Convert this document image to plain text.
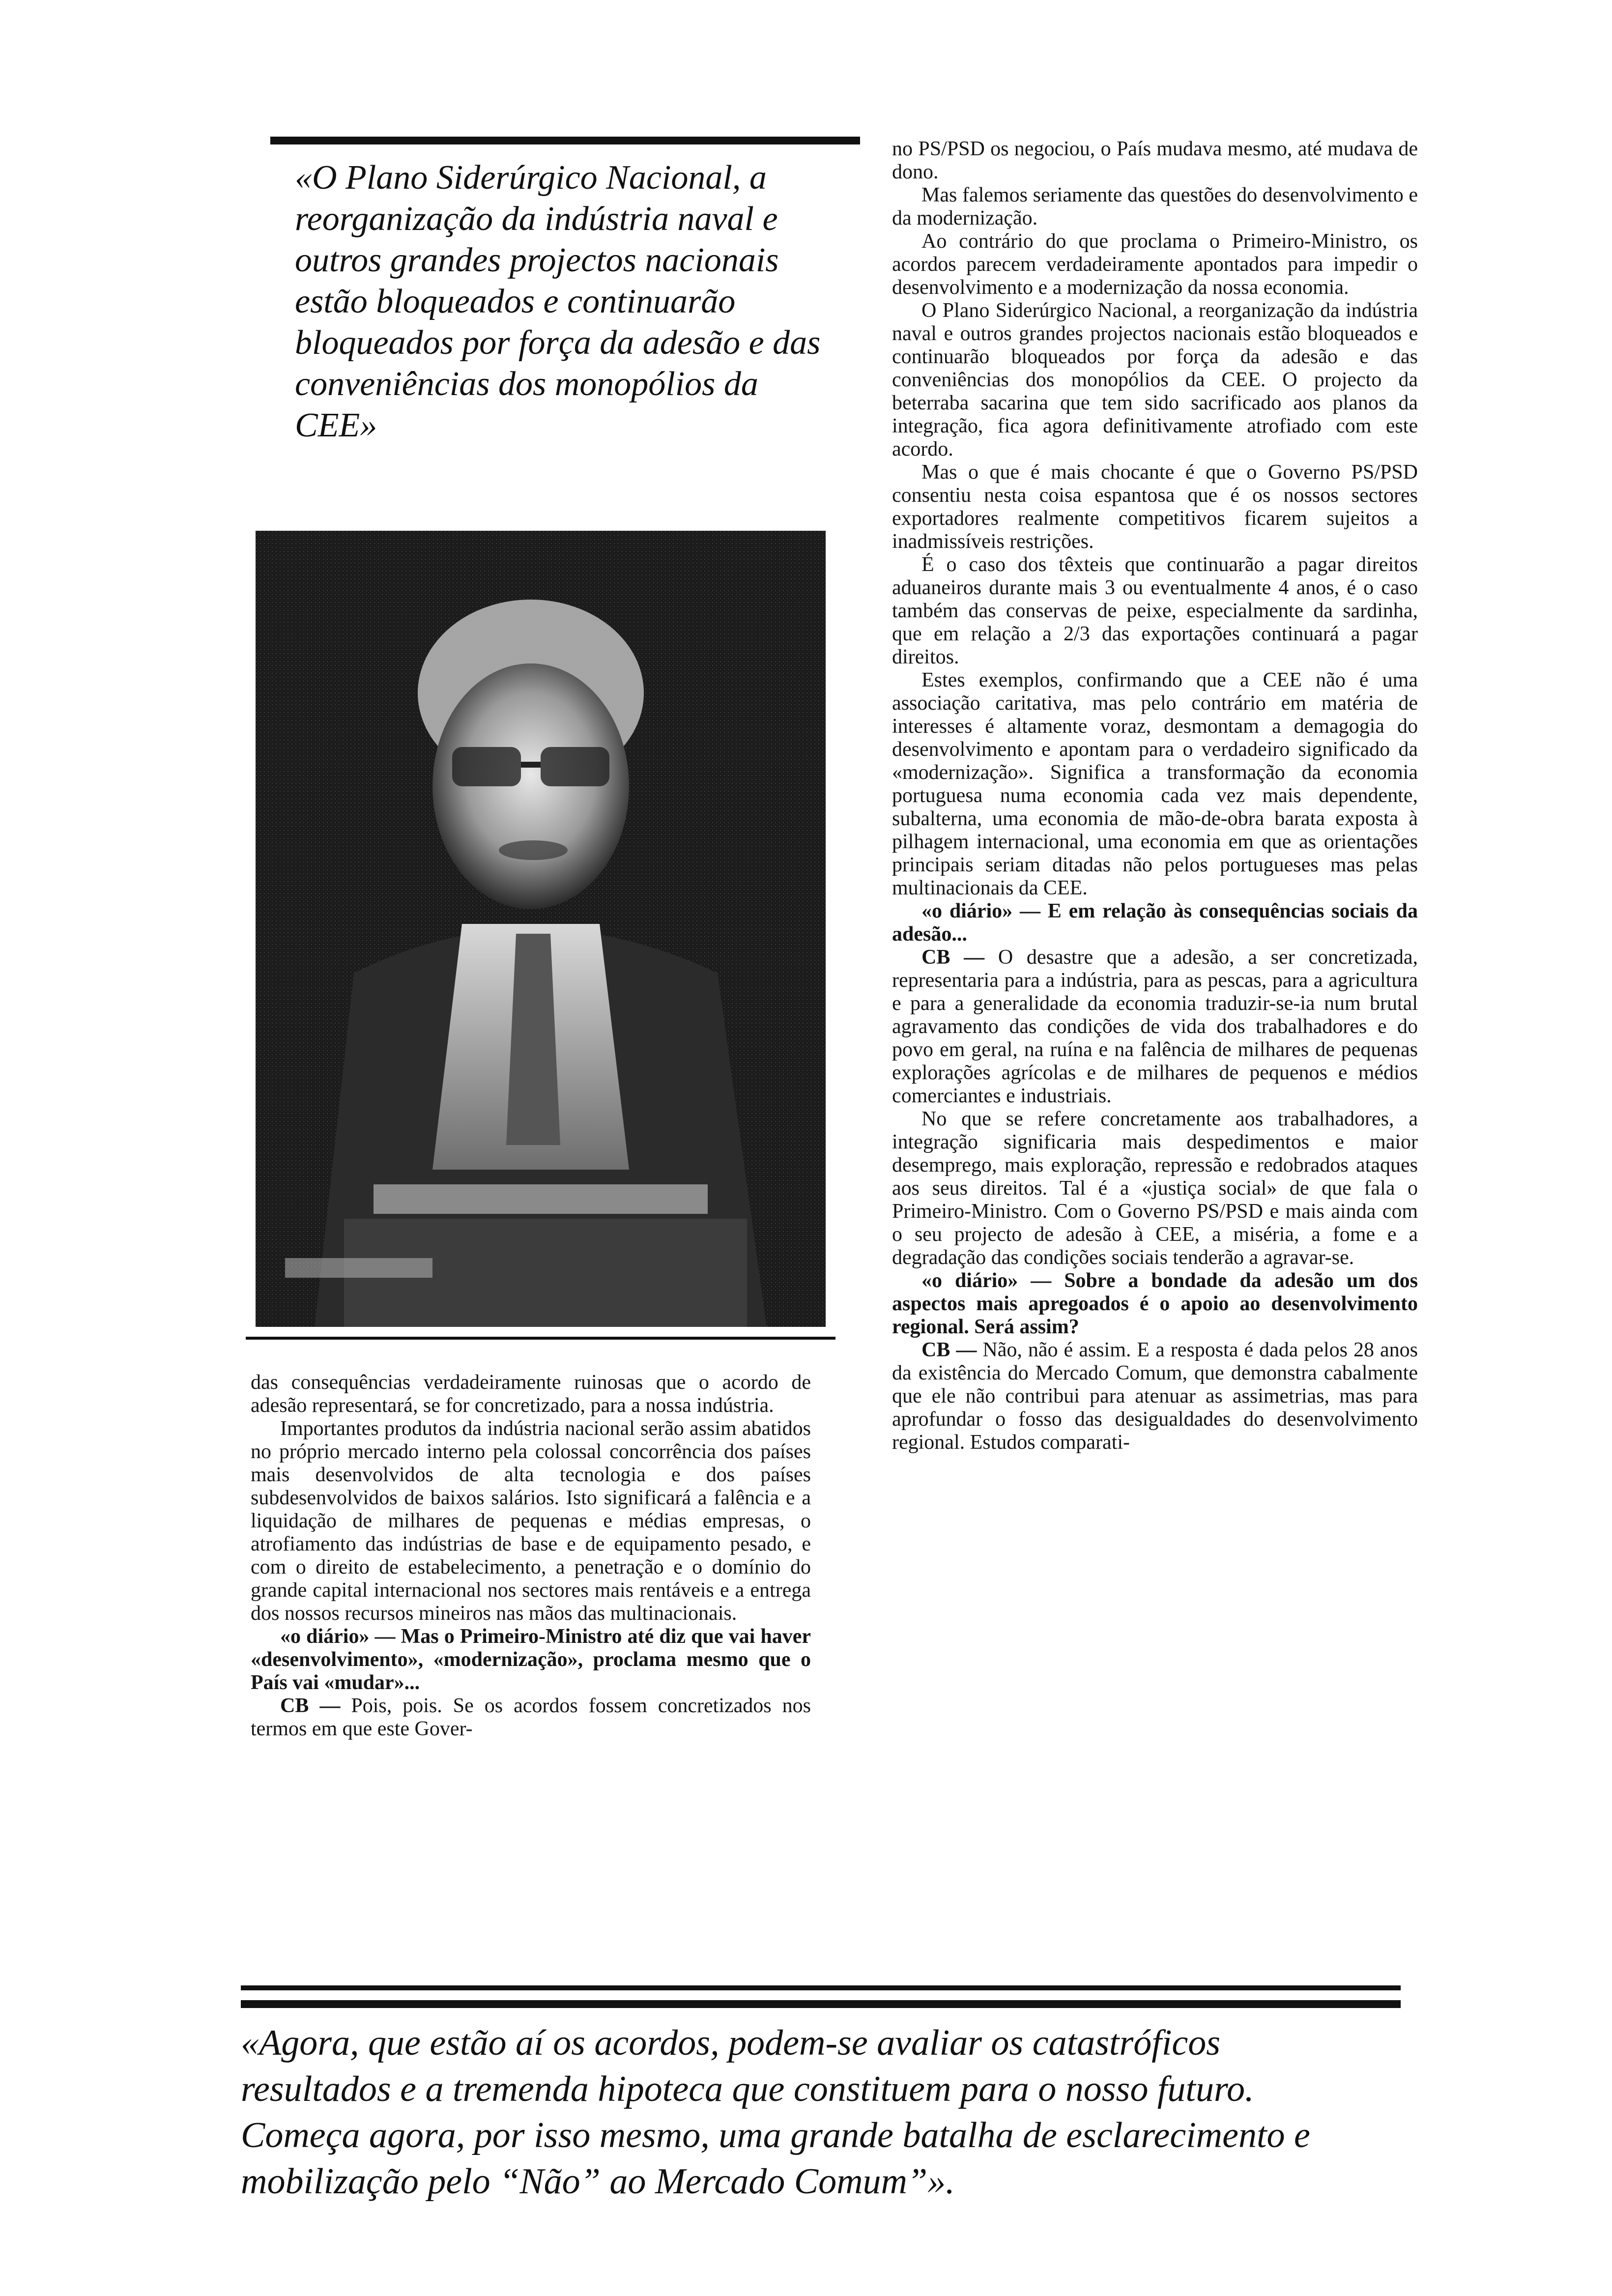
«O Plano Siderúrgico Nacional, a reorganização da indústria naval e outros grandes projectos nacionais estão bloqueados e continuarão bloqueados por força da adesão e das conveniências dos monopólios da CEE»

no PS/PSD os negociou, o País mudava mesmo, até mudava de dono.

Mas falemos seriamente das questões do desenvolvimento e da modernização.

Ao contrário do que proclama o Primeiro-Ministro, os acordos parecem verdadeiramente apontados para impedir o desenvolvimento e a modernização da nossa economia.

O Plano Siderúrgico Nacional, a reorganização da indústria naval e outros grandes projectos nacionais estão bloqueados e continuarão bloqueados por força da adesão e das conveniências dos monopólios da CEE. O projecto da beterraba sacarina que tem sido sacrificado aos planos da integração, fica agora definitivamente atrofiado com este acordo.

Mas o que é mais chocante é que o Governo PS/PSD consentiu nesta coisa espantosa que é os nossos sectores exportadores realmente competitivos ficarem sujeitos a inadmissíveis restrições.

É o caso dos têxteis que continuarão a pagar direitos aduaneiros durante mais 3 ou eventualmente 4 anos, é o caso também das conservas de peixe, especialmente da sardinha, que em relação a 2/3 das exportações continuará a pagar direitos.

Estes exemplos, confirmando que a CEE não é uma associação caritativa, mas pelo contrário em matéria de interesses é altamente voraz, desmontam a demagogia do desenvolvimento e apontam para o verdadeiro significado da «modernização». Significa a transformação da economia portuguesa numa economia cada vez mais dependente, subalterna, uma economia de mão-de-obra barata exposta à pilhagem internacional, uma economia em que as orientações principais seriam ditadas não pelos portugueses mas pelas multinacionais da CEE.

«o diário» — E em relação às consequências sociais da adesão...

CB — O desastre que a adesão, a ser concretizada, representaria para a indústria, para as pescas, para a agricultura e para a generalidade da economia traduzir-se-ia num brutal agravamento das condições de vida dos trabalhadores e do povo em geral, na ruína e na falência de milhares de pequenas explorações agrícolas e de milhares de pequenos e médios comerciantes e industriais.

No que se refere concretamente aos trabalhadores, a integração significaria mais despedimentos e maior desemprego, mais exploração, repressão e redobrados ataques aos seus direitos. Tal é a «justiça social» de que fala o Primeiro-Ministro. Com o Governo PS/PSD e mais ainda com o seu projecto de adesão à CEE, a miséria, a fome e a degradação das condições sociais tenderão a agravar-se.

«o diário» — Sobre a bondade da adesão um dos aspectos mais apregoados é o apoio ao desenvolvimento regional. Será assim?

CB — Não, não é assim. E a resposta é dada pelos 28 anos da existência do Mercado Comum, que demonstra cabalmente que ele não contribui para atenuar as assimetrias, mas para aprofundar o fosso das desigualdades do desenvolvimento regional. Estudos comparati-

das consequências verdadeiramente ruinosas que o acordo de adesão representará, se for concretizado, para a nossa indústria.

Importantes produtos da indústria nacional serão assim abatidos no próprio mercado interno pela colossal concorrência dos países mais desenvolvidos de alta tecnologia e dos países subdesenvolvidos de baixos salários. Isto significará a falência e a liquidação de milhares de pequenas e médias empresas, o atrofiamento das indústrias de base e de equipamento pesado, e com o direito de estabelecimento, a penetração e o domínio do grande capital internacional nos sectores mais rentáveis e a entrega dos nossos recursos mineiros nas mãos das multinacionais.

«o diário» — Mas o Primeiro-Ministro até diz que vai haver «desenvolvimento», «modernização», proclama mesmo que o País vai «mudar»...

CB — Pois, pois. Se os acordos fossem concretizados nos termos em que este Gover-

«Agora, que estão aí os acordos, podem-se avaliar os catastróficos resultados e a tremenda hipoteca que constituem para o nosso futuro. Começa agora, por isso mesmo, uma grande batalha de esclarecimento e mobilização pelo “Não” ao Mercado Comum”».
